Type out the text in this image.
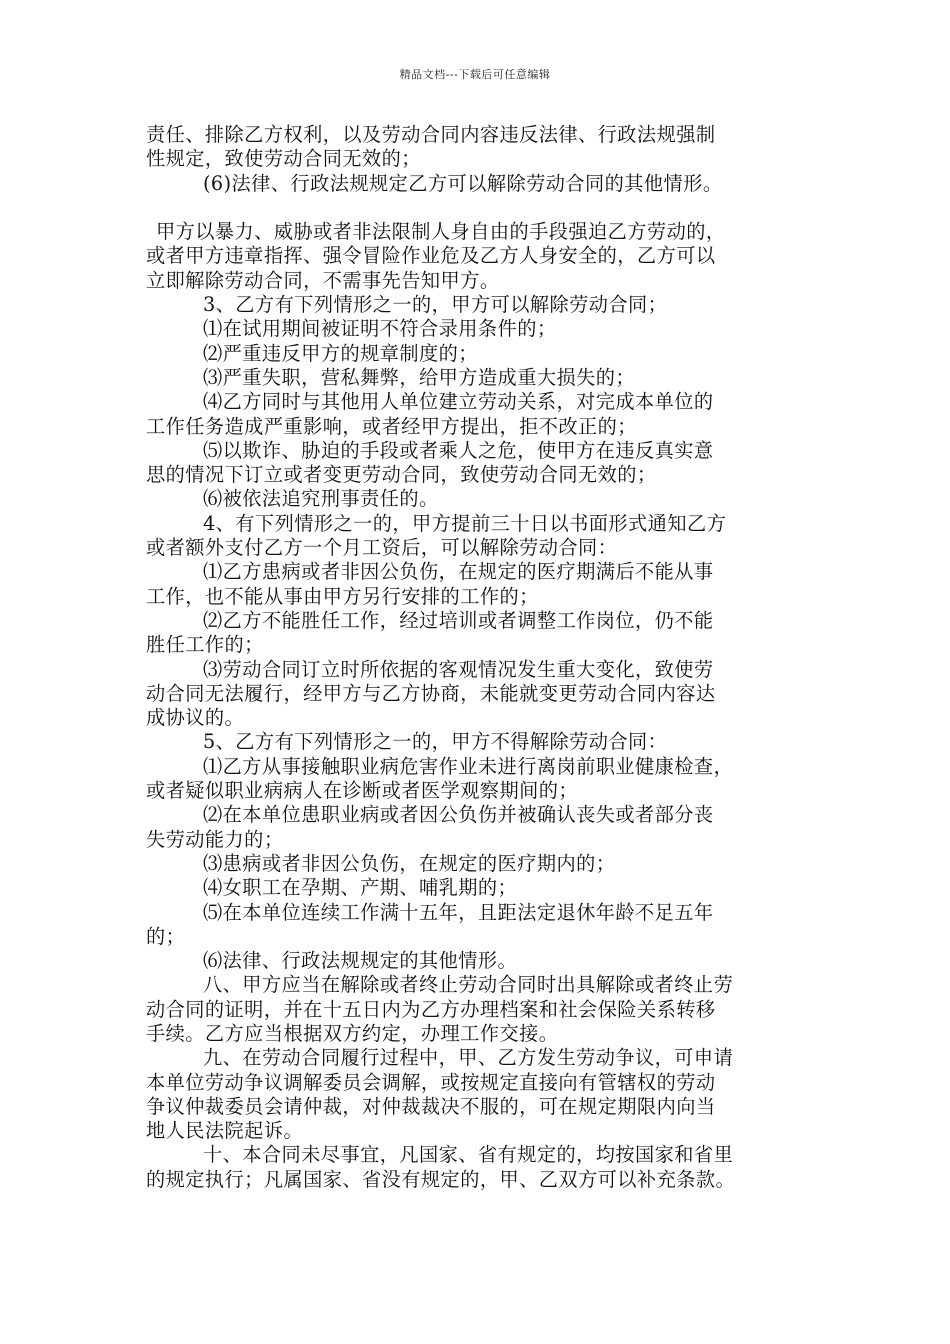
精品文档---下载后可任意编辑

责任、排除乙方权利，以及劳动合同内容违反法律、行政法规强制

性规定，致使劳动合同无效的；

(6)法律、行政法规规定乙方可以解除劳动合同的其他情形。

甲方以暴力、威胁或者非法限制人身自由的手段强迫乙方劳动的，

或者甲方违章指挥、强令冒险作业危及乙方人身安全的，乙方可以

立即解除劳动合同，不需事先告知甲方。

3、乙方有下列情形之一的，甲方可以解除劳动合同；

⑴在试用期间被证明不符合录用条件的；

⑵严重违反甲方的规章制度的；

⑶严重失职，营私舞弊，给甲方造成重大损失的；

⑷乙方同时与其他用人单位建立劳动关系，对完成本单位的

工作任务造成严重影响，或者经甲方提出，拒不改正的；

⑸以欺诈、胁迫的手段或者乘人之危，使甲方在违反真实意

思的情况下订立或者变更劳动合同，致使劳动合同无效的；

⑹被依法追究刑事责任的。

4、有下列情形之一的，甲方提前三十日以书面形式通知乙方

或者额外支付乙方一个月工资后，可以解除劳动合同：

⑴乙方患病或者非因公负伤，在规定的医疗期满后不能从事

工作，也不能从事由甲方另行安排的工作的；

⑵乙方不能胜任工作，经过培训或者调整工作岗位，仍不能

胜任工作的；

⑶劳动合同订立时所依据的客观情况发生重大变化，致使劳

动合同无法履行，经甲方与乙方协商，未能就变更劳动合同内容达

成协议的。

5、乙方有下列情形之一的，甲方不得解除劳动合同：

⑴乙方从事接触职业病危害作业未进行离岗前职业健康检查，

或者疑似职业病病人在诊断或者医学观察期间的；

⑵在本单位患职业病或者因公负伤并被确认丧失或者部分丧

失劳动能力的；

⑶患病或者非因公负伤，在规定的医疗期内的；

⑷女职工在孕期、产期、哺乳期的；

⑸在本单位连续工作满十五年，且距法定退休年龄不足五年

的；

⑹法律、行政法规规定的其他情形。

八、甲方应当在解除或者终止劳动合同时出具解除或者终止劳

动合同的证明，并在十五日内为乙方办理档案和社会保险关系转移

手续。乙方应当根据双方约定，办理工作交接。

九、在劳动合同履行过程中，甲、乙方发生劳动争议，可申请

本单位劳动争议调解委员会调解，或按规定直接向有管辖权的劳动

争议仲裁委员会请仲裁，对仲裁裁决不服的，可在规定期限内向当

地人民法院起诉。

十、本合同未尽事宜，凡国家、省有规定的，均按国家和省里

的规定执行；凡属国家、省没有规定的，甲、乙双方可以补充条款。
